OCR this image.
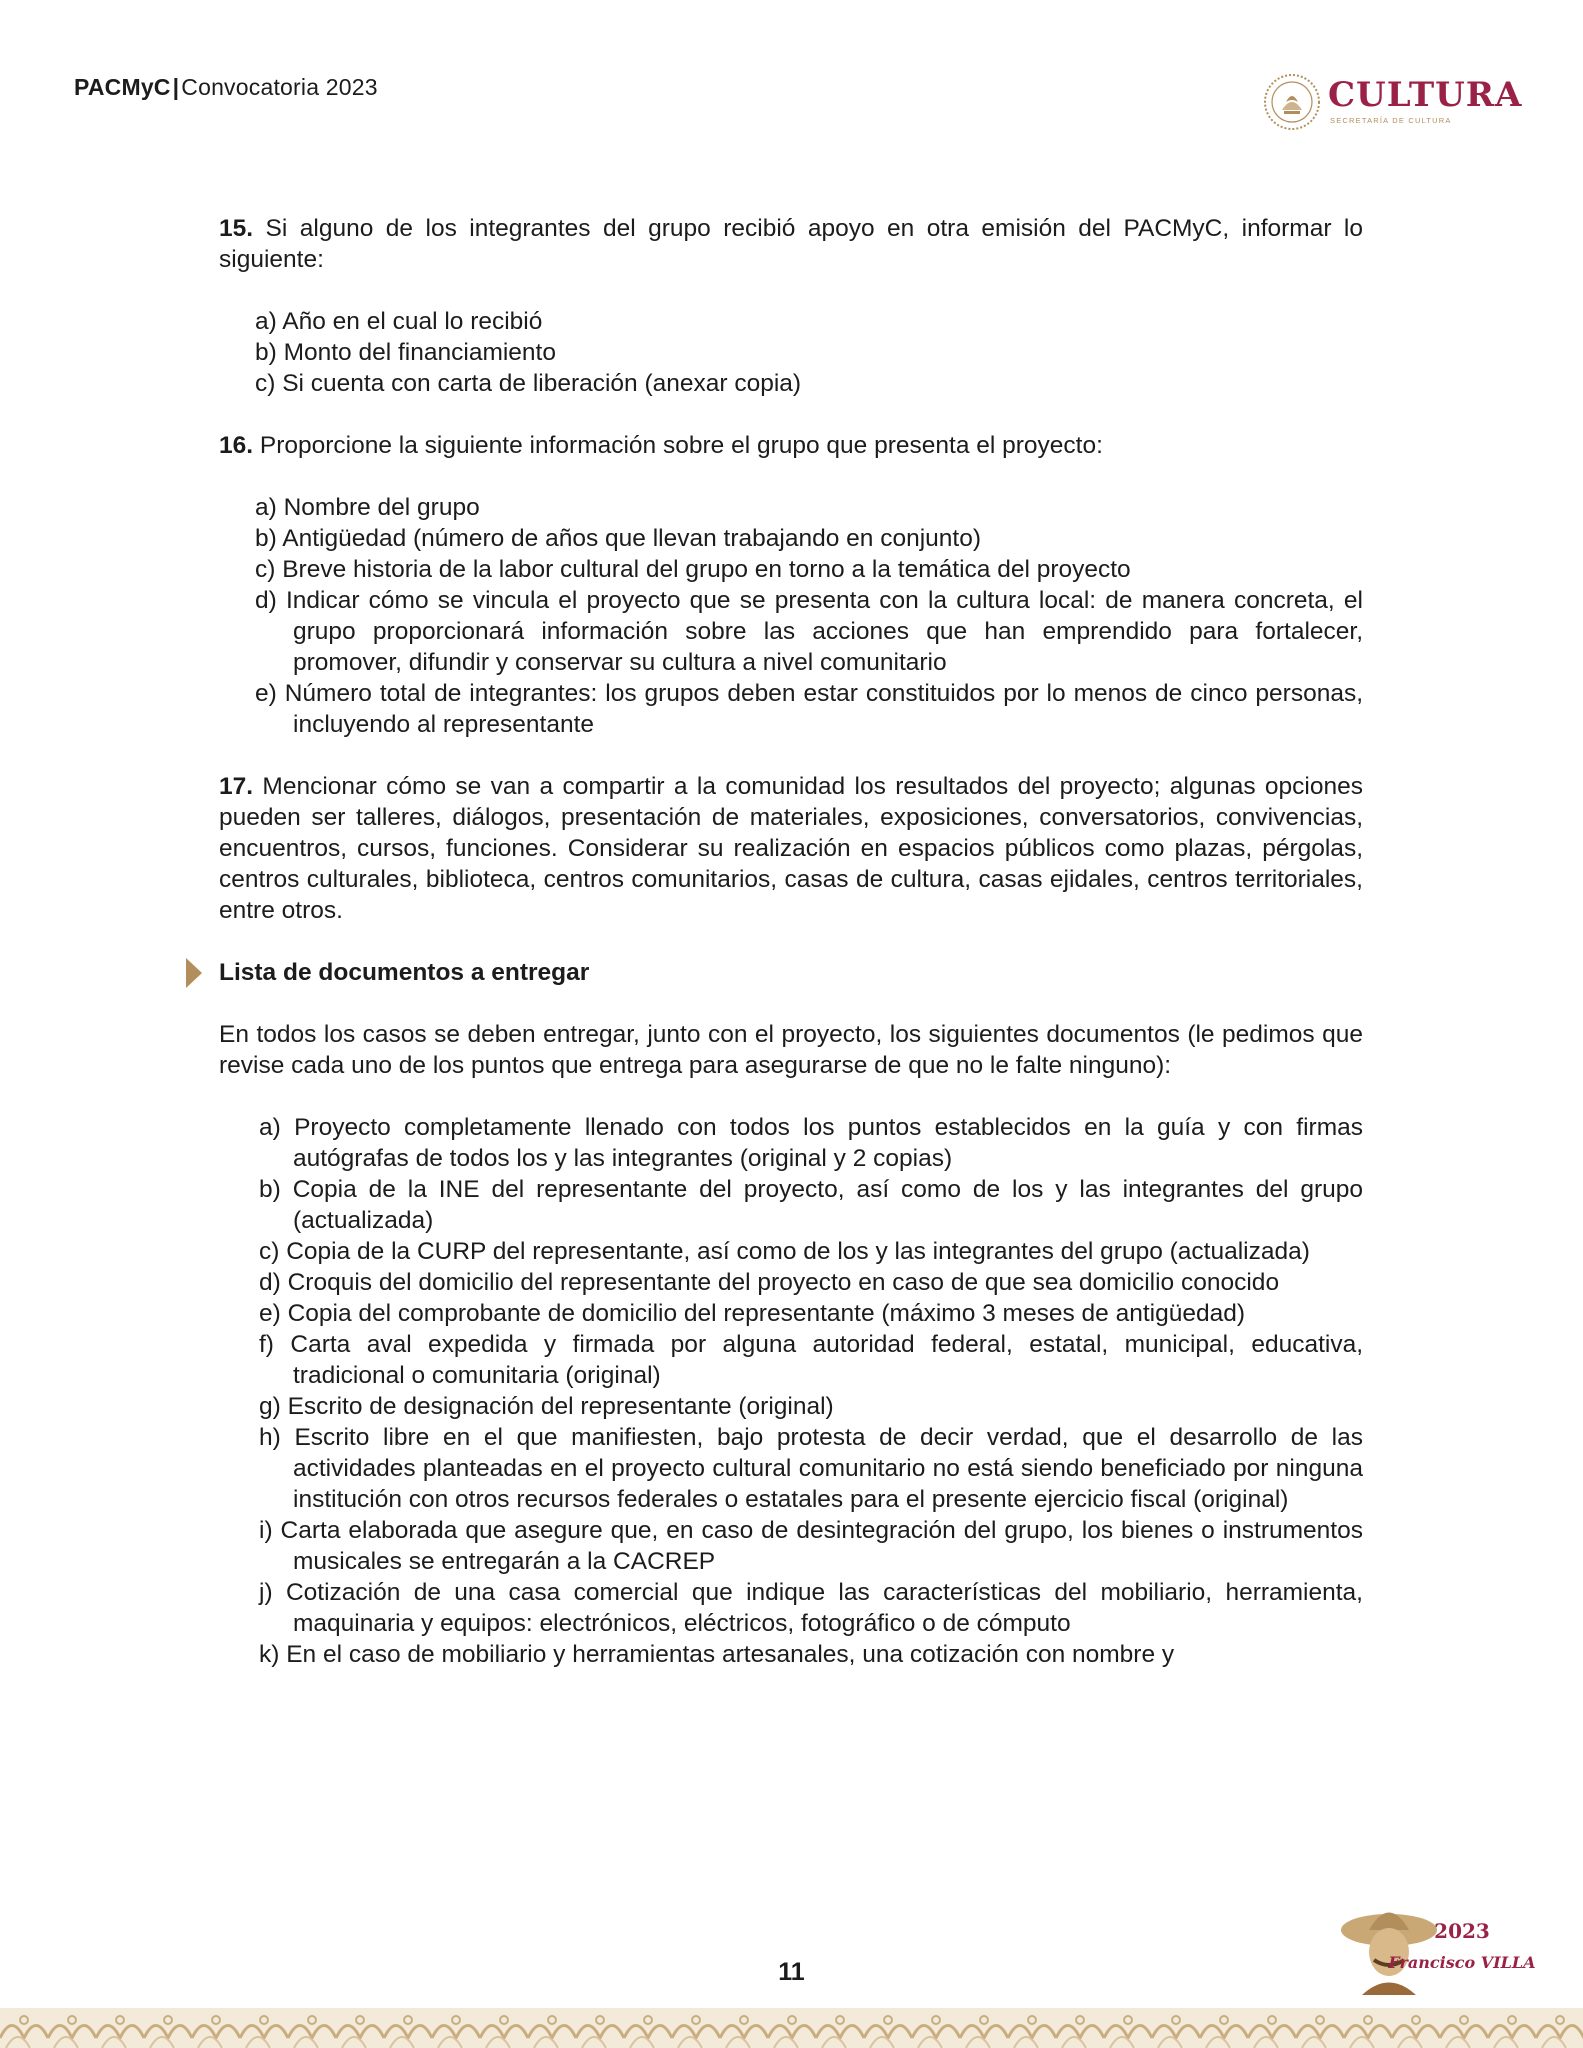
PACMyC|Convocatoria 2023	CULTURA
SECRETARÍA DE CULTURA

15. Si alguno de los integrantes del grupo recibió apoyo en otra emisión del PACMyC, informar lo siguiente:

a) Año en el cual lo recibió
b) Monto del financiamiento
c) Si cuenta con carta de liberación (anexar copia)

16. Proporcione la siguiente información sobre el grupo que presenta el proyecto:

a) Nombre del grupo
b) Antigüedad (número de años que llevan trabajando en conjunto)
c) Breve historia de la labor cultural del grupo en torno a la temática del proyecto
d) Indicar cómo se vincula el proyecto que se presenta con la cultura local: de manera concreta, el grupo proporcionará información sobre las acciones que han emprendido para fortalecer, promover, difundir y conservar su cultura a nivel comunitario
e) Número total de integrantes: los grupos deben estar constituidos por lo menos de cinco personas, incluyendo al representante

17. Mencionar cómo se van a compartir a la comunidad los resultados del proyecto; algunas opciones pueden ser talleres, diálogos, presentación de materiales, exposiciones, conversatorios, convivencias, encuentros, cursos, funciones. Considerar su realización en espacios públicos como plazas, pérgolas, centros culturales, biblioteca, centros comunitarios, casas de cultura, casas ejidales, centros territoriales, entre otros.

Lista de documentos a entregar

En todos los casos se deben entregar, junto con el proyecto, los siguientes documentos (le pedimos que revise cada uno de los puntos que entrega para asegurarse de que no le falte ninguno):

a) Proyecto completamente llenado con todos los puntos establecidos en la guía y con firmas autógrafas de todos los y las integrantes (original y 2 copias)
b) Copia de la INE del representante del proyecto, así como de los y las integrantes del grupo (actualizada)
c) Copia de la CURP del representante, así como de los y las integrantes del grupo (actualizada)
d) Croquis del domicilio del representante del proyecto en caso de que sea domicilio conocido
e) Copia del comprobante de domicilio del representante (máximo 3 meses de antigüedad)
f) Carta aval expedida y firmada por alguna autoridad federal, estatal, municipal, educativa, tradicional o comunitaria (original)
g) Escrito de designación del representante (original)
h) Escrito libre en el que manifiesten, bajo protesta de decir verdad, que el desarrollo de las actividades planteadas en el proyecto cultural comunitario no está siendo beneficiado por ninguna institución con otros recursos federales o estatales para el presente ejercicio fiscal (original)
i) Carta elaborada que asegure que, en caso de desintegración del grupo, los bienes o instrumentos musicales se entregarán a la CACREP
j) Cotización de una casa comercial que indique las características del mobiliario, herramienta, maquinaria y equipos: electrónicos, eléctricos, fotográfico o de cómputo
k) En el caso de mobiliario y herramientas artesanales, una cotización con nombre y
11
2023
Francisco VILLA
